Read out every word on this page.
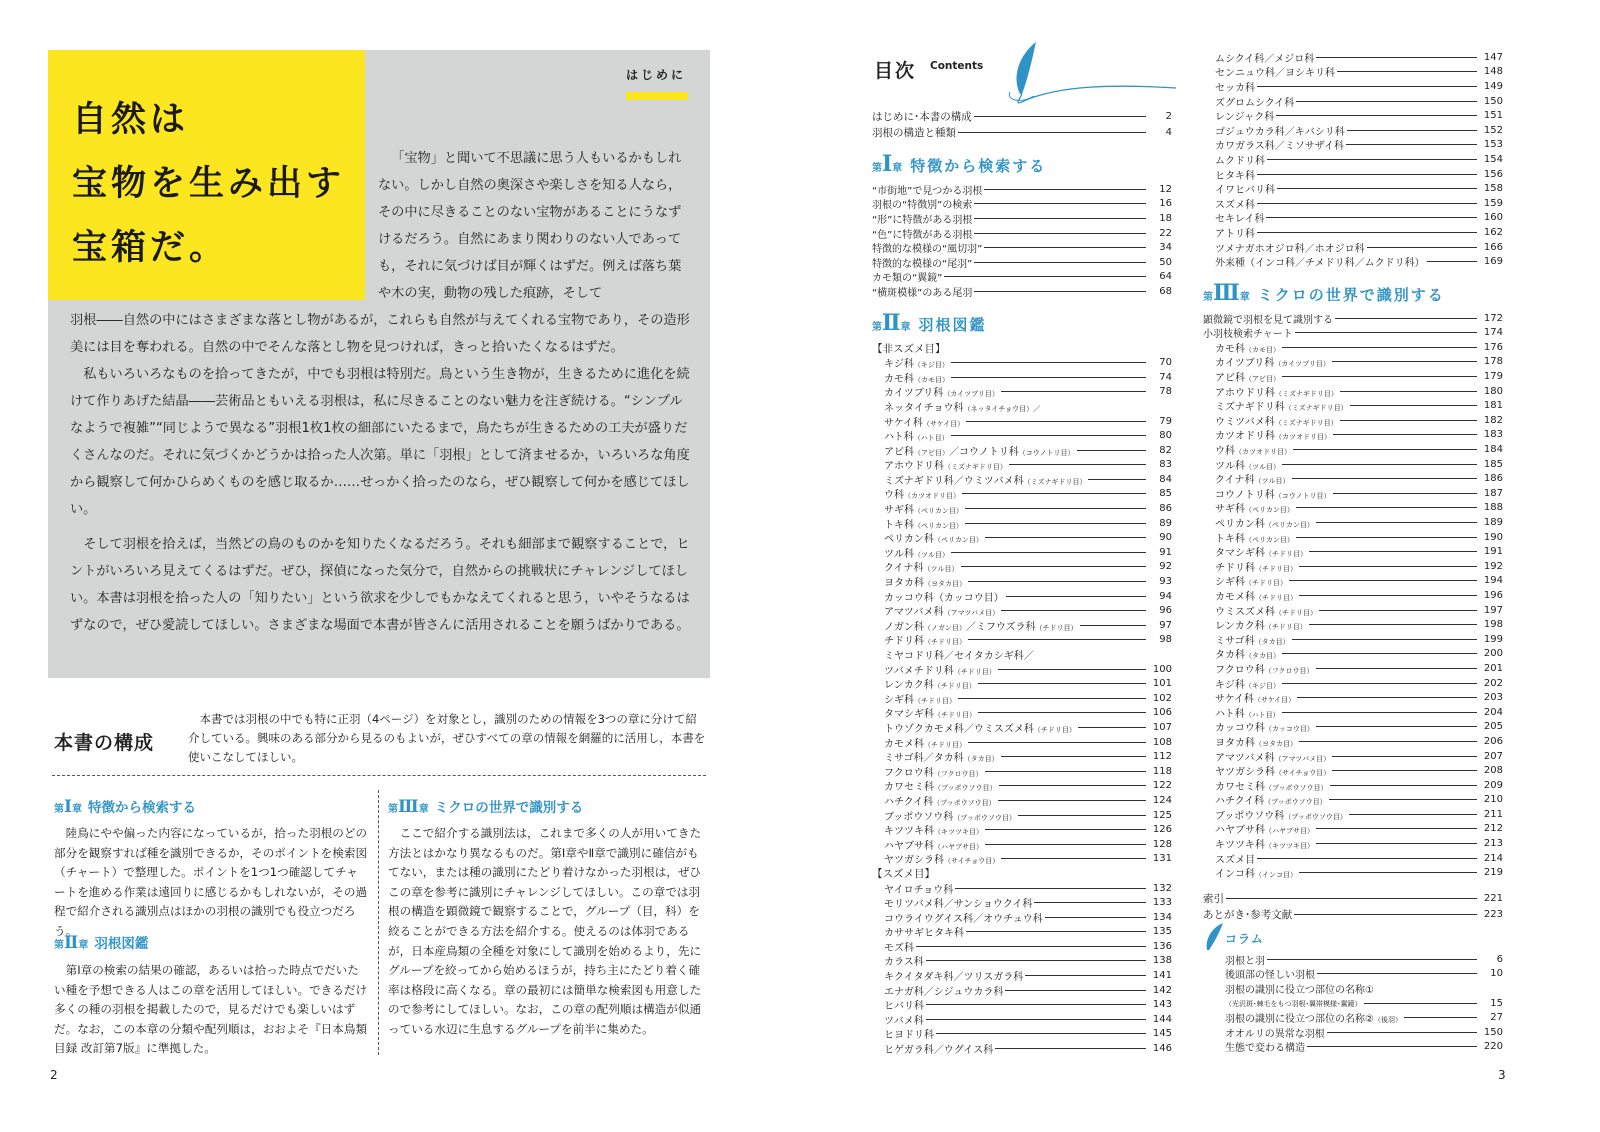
自然は
宝物を生み出す
宝箱だ。
はじめに

「宝物」と聞いて不思議に思う人もいるかもしれない。しかし自然の奥深さや楽しさを知る人なら，その中に尽きることのない宝物があることにうなずけるだろう。自然にあまり関わりのない人であっても，それに気づけば目が輝くはずだ。例えば落ち葉や木の実，動物の残した痕跡，そして

羽根――自然の中にはさまざまな落とし物があるが，これらも自然が与えてくれる宝物であり，その造形美には目を奪われる。自然の中でそんな落とし物を見つければ，きっと拾いたくなるはずだ。

私もいろいろなものを拾ってきたが，中でも羽根は特別だ。鳥という生き物が，生きるために進化を続けて作りあげた結晶――芸術品ともいえる羽根は，私に尽きることのない魅力を注ぎ続ける。“シンプルなようで複雑”“同じようで異なる”羽根1枚1枚の細部にいたるまで，鳥たちが生きるための工夫が盛りだくさんなのだ。それに気づくかどうかは拾った人次第。単に「羽根」として済ませるか，いろいろな角度から観察して何かひらめくものを感じ取るか……せっかく拾ったのなら，ぜひ観察して何かを感じてほしい。

そして羽根を拾えば，当然どの鳥のものかを知りたくなるだろう。それも細部まで観察することで，ヒントがいろいろ見えてくるはずだ。ぜひ，探偵になった気分で，自然からの挑戦状にチャレンジしてほしい。本書は羽根を拾った人の「知りたい」という欲求を少しでもかなえてくれると思う，いやそうなるはずなので，ぜひ愛読してほしい。さまざまな場面で本書が皆さんに活用されることを願うばかりである。

本書の構成

本書では羽根の中でも特に正羽（4ページ）を対象とし，識別のための情報を3つの章に分けて紹介している。興味のある部分から見るのもよいが，ぜひすべての章の情報を網羅的に活用し，本書を使いこなしてほしい。

第Ⅰ章 特徴から検索する

陸鳥にやや偏った内容になっているが，拾った羽根のどの部分を観察すれば種を識別できるか，そのポイントを検索図（チャート）で整理した。ポイントを1つ1つ確認してチャートを進める作業は遠回りに感じるかもしれないが，その過程で紹介される識別点はほかの羽根の識別でも役立つだろう。

第Ⅱ章 羽根図鑑

第Ⅰ章の検索の結果の確認，あるいは拾った時点でだいたい種を予想できる人はこの章を活用してほしい。できるだけ多くの種の羽根を掲載したので，見るだけでも楽しいはずだ。なお，この本章の分類や配列順は，おおよそ『日本鳥類目録 改訂第7版』に準拠した。

第Ⅲ章 ミクロの世界で識別する

ここで紹介する識別法は，これまで多くの人が用いてきた方法とはかなり異なるものだ。第Ⅰ章やⅡ章で識別に確信がもてない，または種の識別にたどり着けなかった羽根は，ぜひこの章を参考に識別にチャレンジしてほしい。この章では羽根の構造を顕微鏡で観察することで，グループ（目，科）を絞ることができる方法を紹介する。使えるのは体羽であるが，日本産鳥類の全種を対象にして識別を始めるより，先にグループを絞ってから始めるほうが，持ち主にたどり着く確率は格段に高くなる。章の最初には簡単な検索図も用意したので参考にしてほしい。なお，この章の配列順は構造が似通っている水辺に生息するグループを前半に集めた。

2
目次 Contents
はじめに･本書の構成	2
羽根の構造と種類	4
第Ⅰ章 特徴から検索する
“市街地”で見つかる羽根	12
羽根の“特徴別”の検索	16
“形”に特徴がある羽根	18
“色”に特徴がある羽根	22
特徴的な模様の“風切羽”	34
特徴的な模様の“尾羽”	50
カモ類の“翼鏡”	64
“横斑模様”のある尾羽	68
第Ⅱ章 羽根図鑑
【非スズメ目】
キジ科（キジ目）	70
カモ科（カモ目）	74
カイツブリ科（カイツブリ目）	78
ネッタイチョウ科（ネッタイチョウ目）／
サケイ科（サケイ目）	79
ハト科（ハト目）	80
アビ科（アビ目）／コウノトリ科（コウノトリ目）	82
アホウドリ科（ミズナギドリ目）	83
ミズナギドリ科／ウミツバメ科（ミズナギドリ目）	84
ウ科（カツオドリ目）	85
サギ科（ペリカン目）	86
トキ科（ペリカン目）	89
ペリカン科（ペリカン目）	90
ツル科（ツル目）	91
クイナ科（ツル目）	92
ヨタカ科（ヨタカ目）	93
カッコウ科（カッコウ目）	94
アマツバメ科（アマツバメ目）	96
ノガン科（ノガン目）／ミフウズラ科（チドリ目）	97
チドリ科（チドリ目）	98
ミヤコドリ科／セイタカシギ科／
ツバメチドリ科（チドリ目）	100
レンカク科（チドリ目）	101
シギ科（チドリ目）	102
タマシギ科（チドリ目）	106
トウゾクカモメ科／ウミスズメ科（チドリ目）	107
カモメ科（チドリ目）	108
ミサゴ科／タカ科（タカ目）	112
フクロウ科（フクロウ目）	118
カワセミ科（ブッポウソウ目）	122
ハチクイ科（ブッポウソウ目）	124
ブッポウソウ科（ブッポウソウ目）	125
キツツキ科（キツツキ目）	126
ハヤブサ科（ハヤブサ目）	128
ヤツガシラ科（サイチョウ目）	131
【スズメ目】
ヤイロチョウ科	132
モリツバメ科／サンショウクイ科	133
コウライウグイス科／オウチュウ科	134
カササギヒタキ科	135
モズ科	136
カラス科	138
キクイタダキ科／ツリスガラ科	141
エナガ科／シジュウカラ科	142
ヒバリ科	143
ツバメ科	144
ヒヨドリ科	145
ヒゲガラ科／ウグイス科	146
ムシクイ科／メジロ科	147
センニュウ科／ヨシキリ科	148
セッカ科	149
ズグロムシクイ科	150
レンジャク科	151
ゴジュウカラ科／キバシリ科	152
カワガラス科／ミソサザイ科	153
ムクドリ科	154
ヒタキ科	156
イワヒバリ科	158
スズメ科	159
セキレイ科	160
アトリ科	162
ツメナガホオジロ科／ホオジロ科	166
外来種（インコ科／チメドリ科／ムクドリ科）	169
第Ⅲ章 ミクロの世界で識別する
顕微鏡で羽根を見て識別する	172
小羽枝検索チャート	174
カモ科（カモ目）	176
カイツブリ科（カイツブリ目）	178
アビ科（アビ目）	179
アホウドリ科（ミズナギドリ目）	180
ミズナギドリ科（ミズナギドリ目）	181
ウミツバメ科（ミズナギドリ目）	182
カツオドリ科（カツオドリ目）	183
ウ科（カツオドリ目）	184
ツル科（ツル目）	185
クイナ科（ツル目）	186
コウノトリ科（コウノトリ目）	187
サギ科（ペリカン目）	188
ペリカン科（ペリカン目）	189
トキ科（ペリカン目）	190
タマシギ科（チドリ目）	191
チドリ科（チドリ目）	192
シギ科（チドリ目）	194
カモメ科（チドリ目）	196
ウミスズメ科（チドリ目）	197
レンカク科（チドリ目）	198
ミサゴ科（タカ目）	199
タカ科（タカ目）	200
フクロウ科（フクロウ目）	201
キジ科（キジ目）	202
サケイ科（サケイ目）	203
ハト科（ハト目）	204
カッコウ科（カッコウ目）	205
ヨタカ科（ヨタカ目）	206
アマツバメ科（アマツバメ目）	207
ヤツガシラ科（サイチョウ目）	208
カワセミ科（ブッポウソウ目）	209
ハチクイ科（ブッポウソウ目）	210
ブッポウソウ科（ブッポウソウ目）	211
ハヤブサ科（ハヤブサ目）	212
キツツキ科（キツツキ目）	213
スズメ目	214
インコ科（インコ目）	219
索引	221
あとがき･参考文献	223
コラム
羽根と羽	6
後頭部の怪しい羽根	10
羽根の識別に役立つ部位の名称①
（光沢斑･棘毛をもつ羽根･翼帯模様･翼鏡）	15
羽根の識別に役立つ部位の名称②（後羽）	27
オオルリの異常な羽根	150
生態で変わる構造	220
3
